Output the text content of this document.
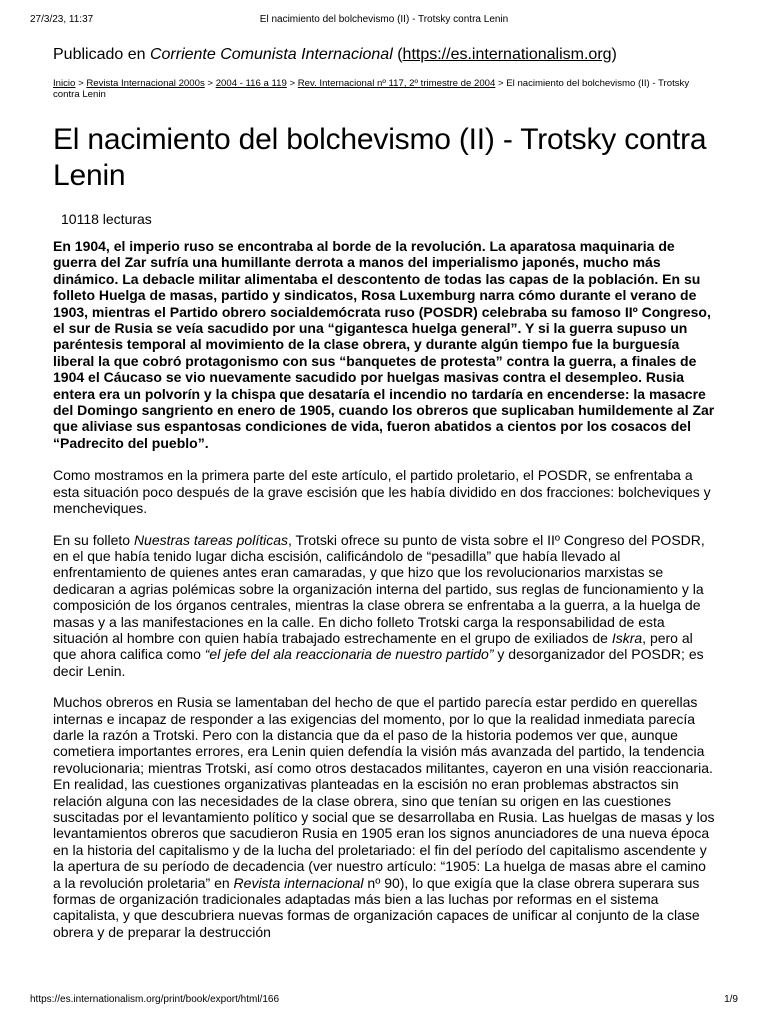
27/3/23, 11:37	El nacimiento del bolchevismo (II) - Trotsky contra Lenin

Publicado en Corriente Comunista Internacional (https://es.internationalism.org)

Inicio > Revista Internacional 2000s > 2004 - 116 a 119 > Rev. Internacional nº 117, 2º trimestre de 2004 > El nacimiento del bolchevismo (II) - Trotsky contra Lenin
El nacimiento del bolchevismo (II) - Trotsky contra Lenin
10118 lecturas

En 1904, el imperio ruso se encontraba al borde de la revolución. La aparatosa maquinaria de guerra del Zar sufría una humillante derrota a manos del imperialismo japonés, mucho más dinámico. La debacle militar alimentaba el descontento de todas las capas de la población. En su folleto Huelga de masas, partido y sindicatos, Rosa Luxemburg narra cómo durante el verano de 1903, mientras el Partido obrero socialdemócrata ruso (POSDR) celebraba su famoso IIº Congreso, el sur de Rusia se veía sacudido por una “gigantesca huelga general”. Y si la guerra supuso un paréntesis temporal al movimiento de la clase obrera, y durante algún tiempo fue la burguesía liberal la que cobró protagonismo con sus “banquetes de protesta” contra la guerra, a finales de 1904 el Cáucaso se vio nuevamente sacudido por huelgas masivas contra el desempleo. Rusia entera era un polvorín y la chispa que desataría el incendio no tardaría en encenderse: la masacre del Domingo sangriento en enero de 1905, cuando los obreros que suplicaban humildemente al Zar que aliviase sus espantosas condiciones de vida, fueron abatidos a cientos por los cosacos del “Padrecito del pueblo”.

Como mostramos en la primera parte del este artículo, el partido proletario, el POSDR, se enfrentaba a esta situación poco después de la grave escisión que les había dividido en dos fracciones: bolcheviques y mencheviques.

En su folleto Nuestras tareas políticas, Trotski ofrece su punto de vista sobre el IIº Congreso del POSDR, en el que había tenido lugar dicha escisión, calificándolo de “pesadilla” que había llevado al enfrentamiento de quienes antes eran camaradas, y que hizo que los revolucionarios marxistas se dedicaran a agrias polémicas sobre la organización interna del partido, sus reglas de funcionamiento y la composición de los órganos centrales, mientras la clase obrera se enfrentaba a la guerra, a la huelga de masas y a las manifestaciones en la calle. En dicho folleto Trotski carga la responsabilidad de esta situación al hombre con quien había trabajado estrechamente en el grupo de exiliados de Iskra, pero al que ahora califica como “el jefe del ala reaccionaria de nuestro partido” y desorganizador del POSDR; es decir Lenin.

Muchos obreros en Rusia se lamentaban del hecho de que el partido parecía estar perdido en querellas internas e incapaz de responder a las exigencias del momento, por lo que la realidad inmediata parecía darle la razón a Trotski. Pero con la distancia que da el paso de la historia podemos ver que, aunque cometiera importantes errores, era Lenin quien defendía la visión más avanzada del partido, la tendencia revolucionaria; mientras Trotski, así como otros destacados militantes, cayeron en una visión reaccionaria. En realidad, las cuestiones organizativas planteadas en la escisión no eran problemas abstractos sin relación alguna con las necesidades de la clase obrera, sino que tenían su origen en las cuestiones suscitadas por el levantamiento político y social que se desarrollaba en Rusia. Las huelgas de masas y los levantamientos obreros que sacudieron Rusia en 1905 eran los signos anunciadores de una nueva época en la historia del capitalismo y de la lucha del proletariado: el fin del período del capitalismo ascendente y la apertura de su período de decadencia (ver nuestro artículo: “1905: La huelga de masas abre el camino a la revolución proletaria” en Revista internacional nº 90), lo que exigía que la clase obrera superara sus formas de organización tradicionales adaptadas más bien a las luchas por reformas en el sistema capitalista, y que descubriera nuevas formas de organización capaces de unificar al conjunto de la clase obrera y de preparar la destrucción

https://es.internationalism.org/print/book/export/html/166	1/9
